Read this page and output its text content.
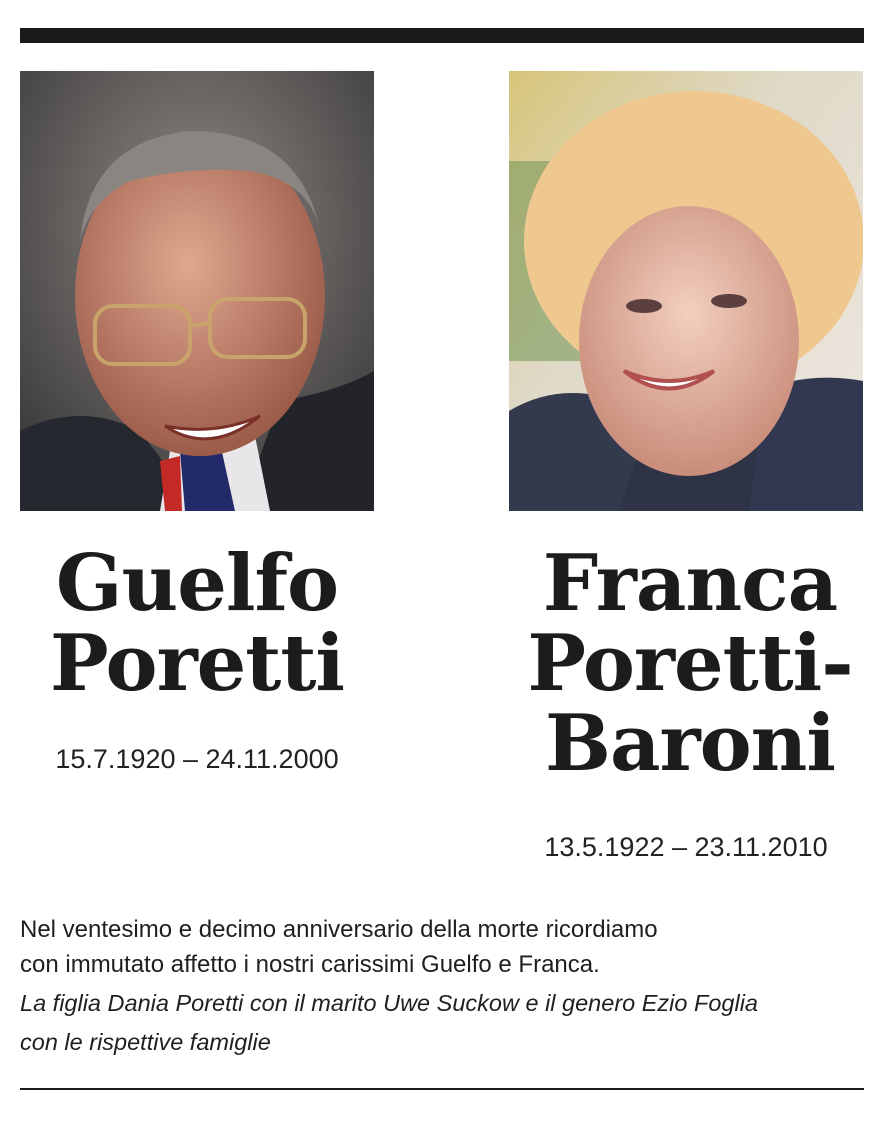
Guelfo
Poretti
15.7.1920 – 24.11.2000
Franca
Poretti-
Baroni
13.5.1922 – 23.11.2010

Nel ventesimo e decimo anniversario della morte ricordiamo

con immutato affetto i nostri carissimi Guelfo e Franca.

La figlia Dania Poretti con il marito Uwe Suckow e il genero Ezio Foglia

con le rispettive famiglie
